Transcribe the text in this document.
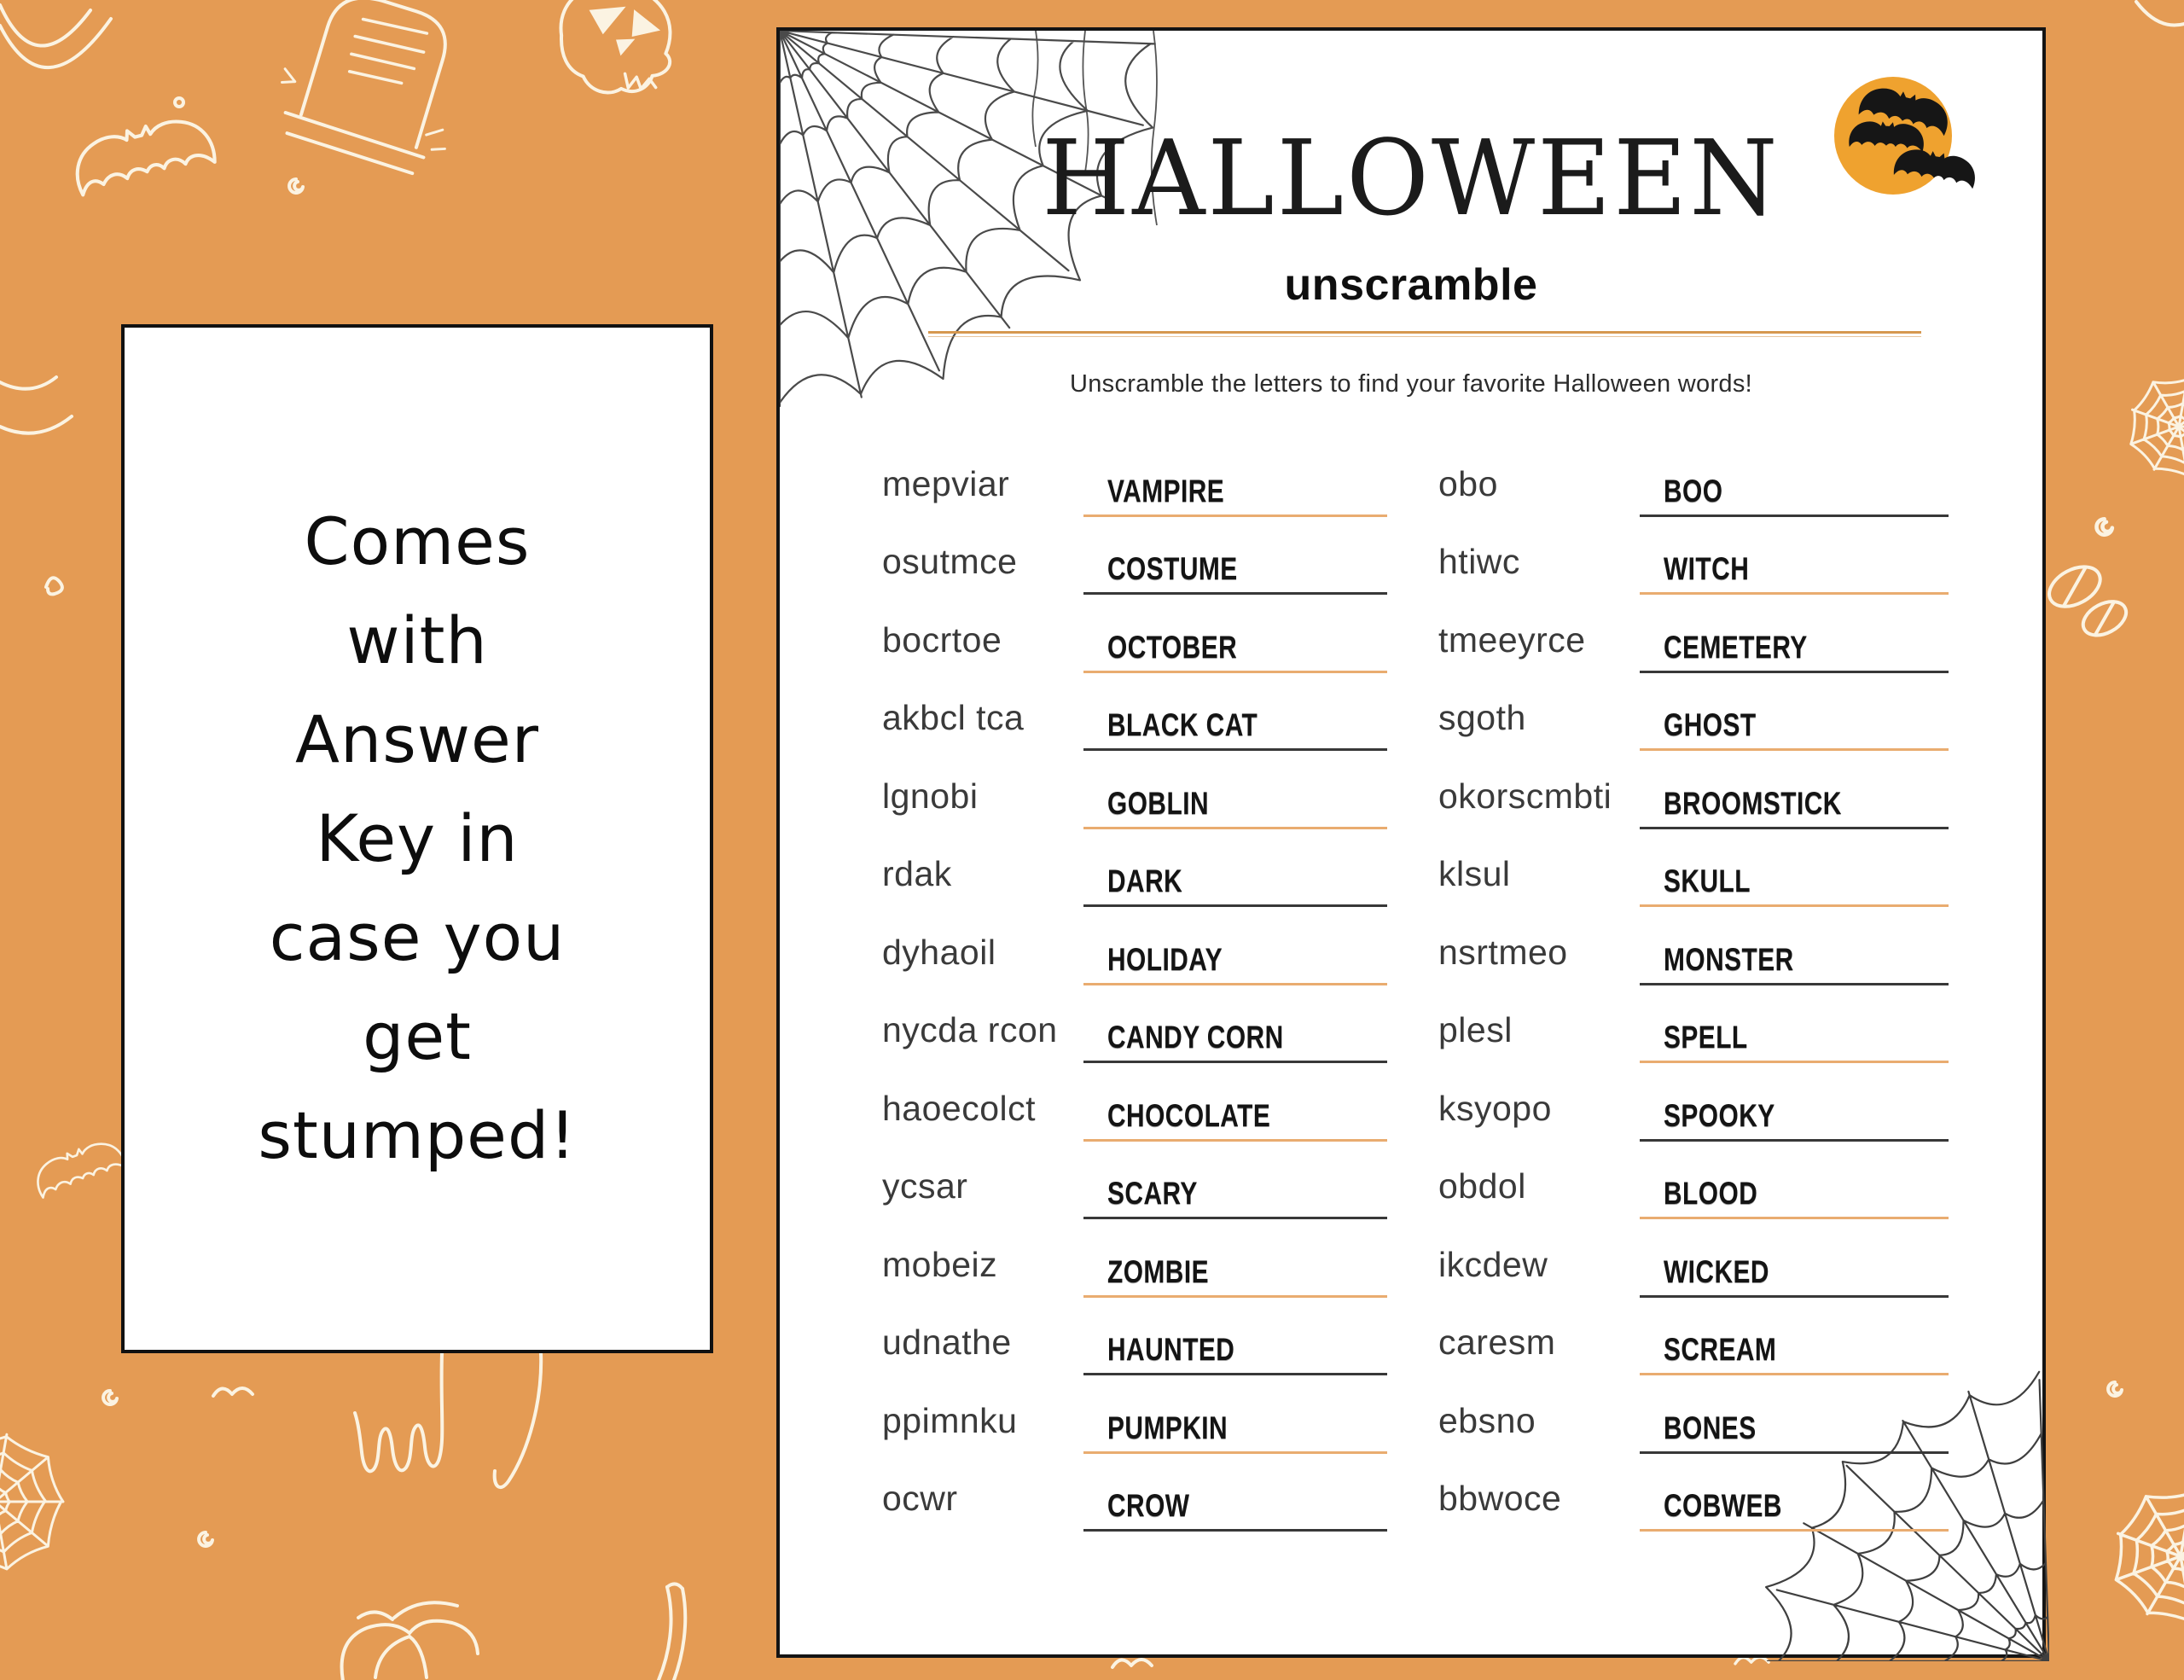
Comes
with
Answer
Key in
case you
get
stumped!
HALLOWEEN
unscramble
Unscramble the letters to find your favorite Halloween words!
mepviar	VAMPIRE
osutmce	COSTUME
bocrtoe	OCTOBER
akbcl tca	BLACK CAT
lgnobi	GOBLIN
rdak	DARK
dyhaoil	HOLIDAY
nycda rcon	CANDY CORN
haoecolct	CHOCOLATE
ycsar	SCARY
mobeiz	ZOMBIE
udnathe	HAUNTED
ppimnku	PUMPKIN
ocwr	CROW
obo	BOO
htiwc	WITCH
tmeeyrce	CEMETERY
sgoth	GHOST
okorscmbti	BROOMSTICK
klsul	SKULL
nsrtmeo	MONSTER
plesl	SPELL
ksyopo	SPOOKY
obdol	BLOOD
ikcdew	WICKED
caresm	SCREAM
ebsno	BONES
bbwoce	COBWEB
